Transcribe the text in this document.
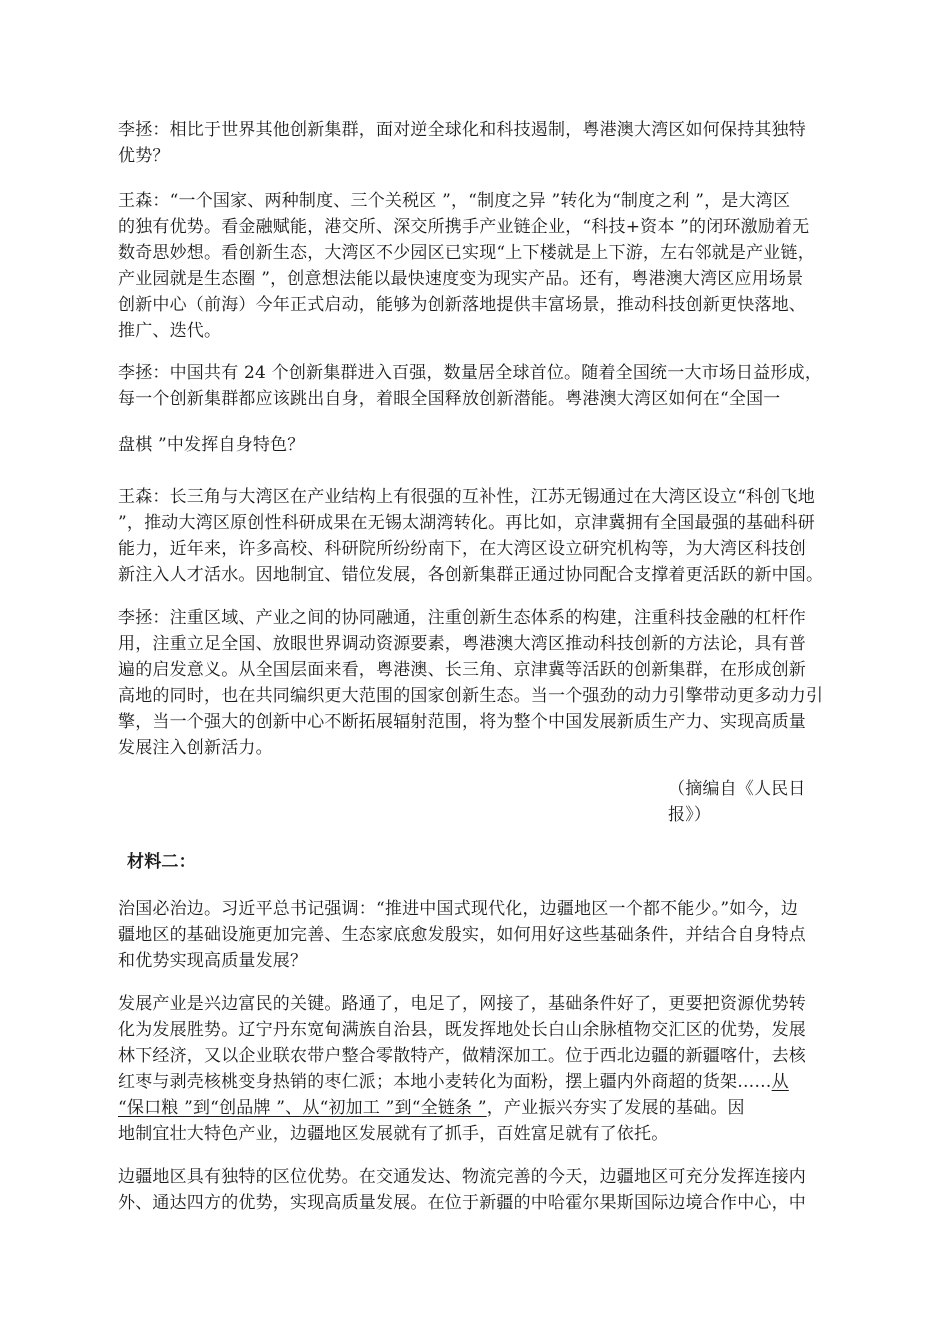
李拯：相比于世界其他创新集群，面对逆全球化和科技遏制，粤港澳大湾区如何保持其独特
优势？
王森：“一个国家、两种制度、三个关税区 ”，“制度之异 ”转化为“制度之利 ”，是大湾区
的独有优势。看金融赋能，港交所、深交所携手产业链企业，“科技+资本 ”的闭环激励着无
数奇思妙想。看创新生态，大湾区不少园区已实现“上下楼就是上下游，左右邻就是产业链，
产业园就是生态圈 ”，创意想法能以最快速度变为现实产品。还有，粤港澳大湾区应用场景
创新中心（前海）今年正式启动，能够为创新落地提供丰富场景，推动科技创新更快落地、
推广、迭代。
李拯：中国共有 24 个创新集群进入百强，数量居全球首位。随着全国统一大市场日益形成，
每一个创新集群都应该跳出自身，着眼全国释放创新潜能。粤港澳大湾区如何在“全国一
盘棋 ”中发挥自身特色？
王森：长三角与大湾区在产业结构上有很强的互补性，江苏无锡通过在大湾区设立“科创飞地
”，推动大湾区原创性科研成果在无锡太湖湾转化。再比如，京津冀拥有全国最强的基础科研
能力，近年来，许多高校、科研院所纷纷南下，在大湾区设立研究机构等，为大湾区科技创
新注入人才活水。因地制宜、错位发展，各创新集群正通过协同配合支撑着更活跃的新中国。
李拯：注重区域、产业之间的协同融通，注重创新生态体系的构建，注重科技金融的杠杆作
用，注重立足全国、放眼世界调动资源要素，粤港澳大湾区推动科技创新的方法论，具有普
遍的启发意义。从全国层面来看，粤港澳、长三角、京津冀等活跃的创新集群，在形成创新
高地的同时，也在共同编织更大范围的国家创新生态。当一个强劲的动力引擎带动更多动力引
擎，当一个强大的创新中心不断拓展辐射范围，将为整个中国发展新质生产力、实现高质量
发展注入创新活力。
（摘编自《人民日
报》）
材料二：
治国必治边。习近平总书记强调：“推进中国式现代化，边疆地区一个都不能少。”如今，边
疆地区的基础设施更加完善、生态家底愈发殷实，如何用好这些基础条件，并结合自身特点
和优势实现高质量发展？
发展产业是兴边富民的关键。路通了，电足了，网接了，基础条件好了，更要把资源优势转
化为发展胜势。辽宁丹东宽甸满族自治县，既发挥地处长白山余脉植物交汇区的优势，发展
林下经济，又以企业联农带户整合零散特产，做精深加工。位于西北边疆的新疆喀什，去核
红枣与剥壳核桃变身热销的枣仁派；本地小麦转化为面粉，摆上疆内外商超的货架……从
“保口粮 ”到“创品牌 ”、从“初加工 ”到“全链条 ”，产业振兴夯实了发展的基础。因
地制宜壮大特色产业，边疆地区发展就有了抓手，百姓富足就有了依托。
边疆地区具有独特的区位优势。在交通发达、物流完善的今天，边疆地区可充分发挥连接内
外、通达四方的优势，实现高质量发展。在位于新疆的中哈霍尔果斯国际边境合作中心，中
